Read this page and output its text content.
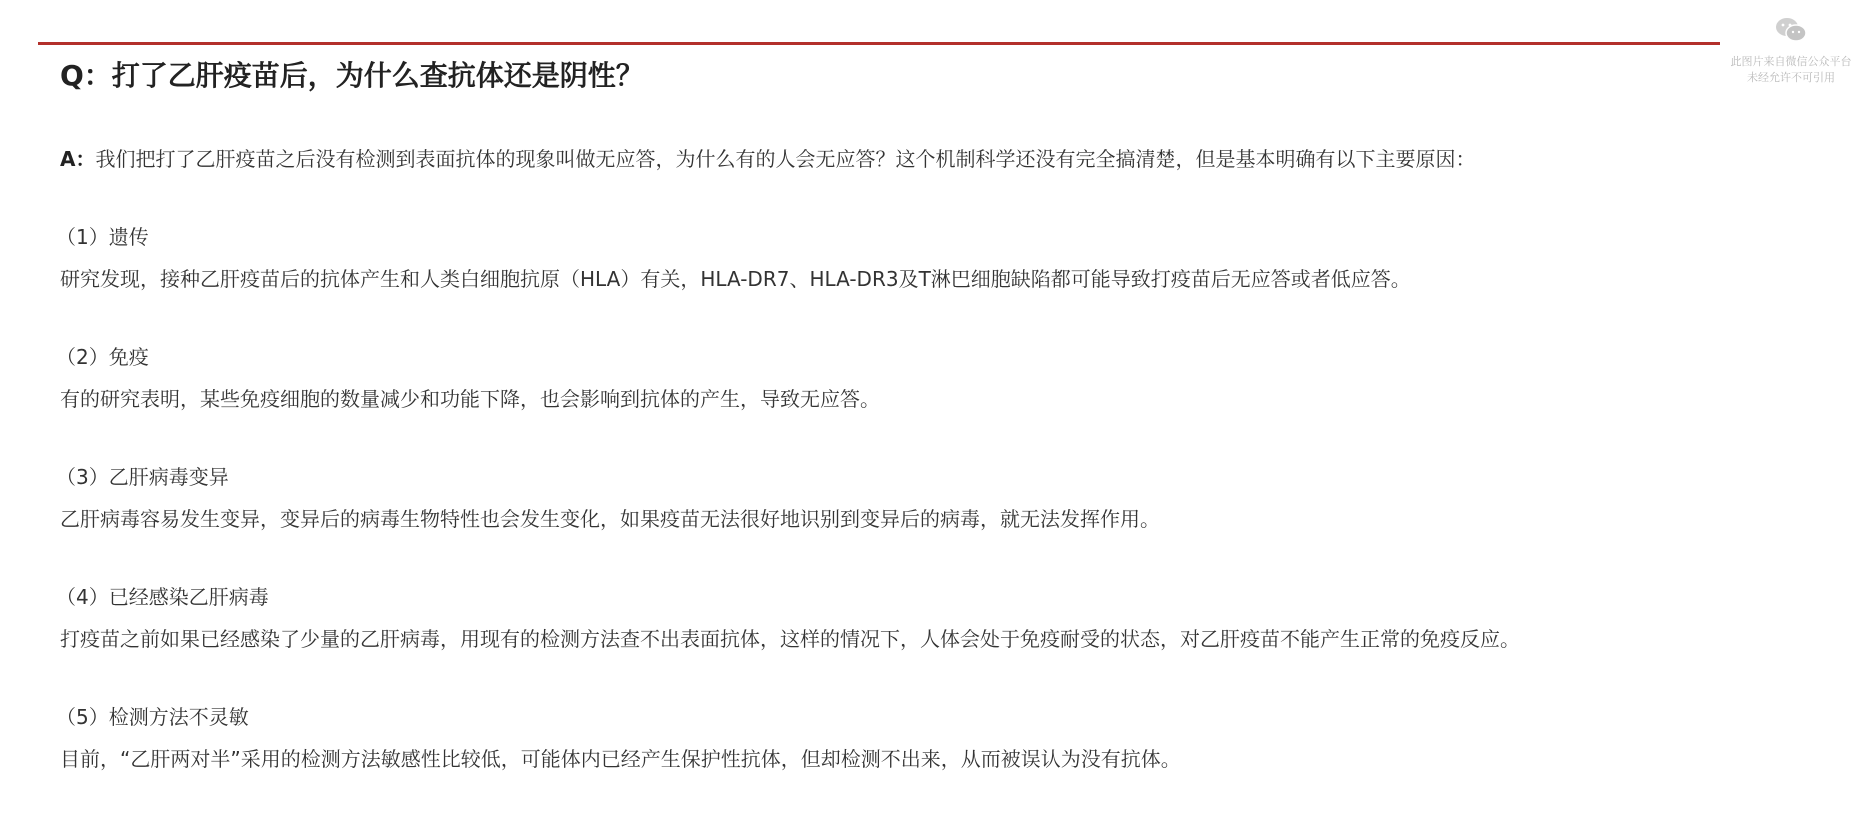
此图片来自微信公众平台
未经允许不可引用
Q：打了乙肝疫苗后，为什么查抗体还是阴性？
A：我们把打了乙肝疫苗之后没有检测到表面抗体的现象叫做无应答，为什么有的人会无应答？这个机制科学还没有完全搞清楚，但是基本明确有以下主要原因：
（1）遗传
研究发现，接种乙肝疫苗后的抗体产生和人类白细胞抗原（HLA）有关，HLA-DR7、HLA-DR3及T淋巴细胞缺陷都可能导致打疫苗后无应答或者低应答。
（2）免疫
有的研究表明，某些免疫细胞的数量减少和功能下降，也会影响到抗体的产生，导致无应答。
（3）乙肝病毒变异
乙肝病毒容易发生变异，变异后的病毒生物特性也会发生变化，如果疫苗无法很好地识别到变异后的病毒，就无法发挥作用。
（4）已经感染乙肝病毒
打疫苗之前如果已经感染了少量的乙肝病毒，用现有的检测方法查不出表面抗体，这样的情况下，人体会处于免疫耐受的状态，对乙肝疫苗不能产生正常的免疫反应。
（5）检测方法不灵敏
目前，“乙肝两对半”采用的检测方法敏感性比较低，可能体内已经产生保护性抗体，但却检测不出来，从而被误认为没有抗体。
